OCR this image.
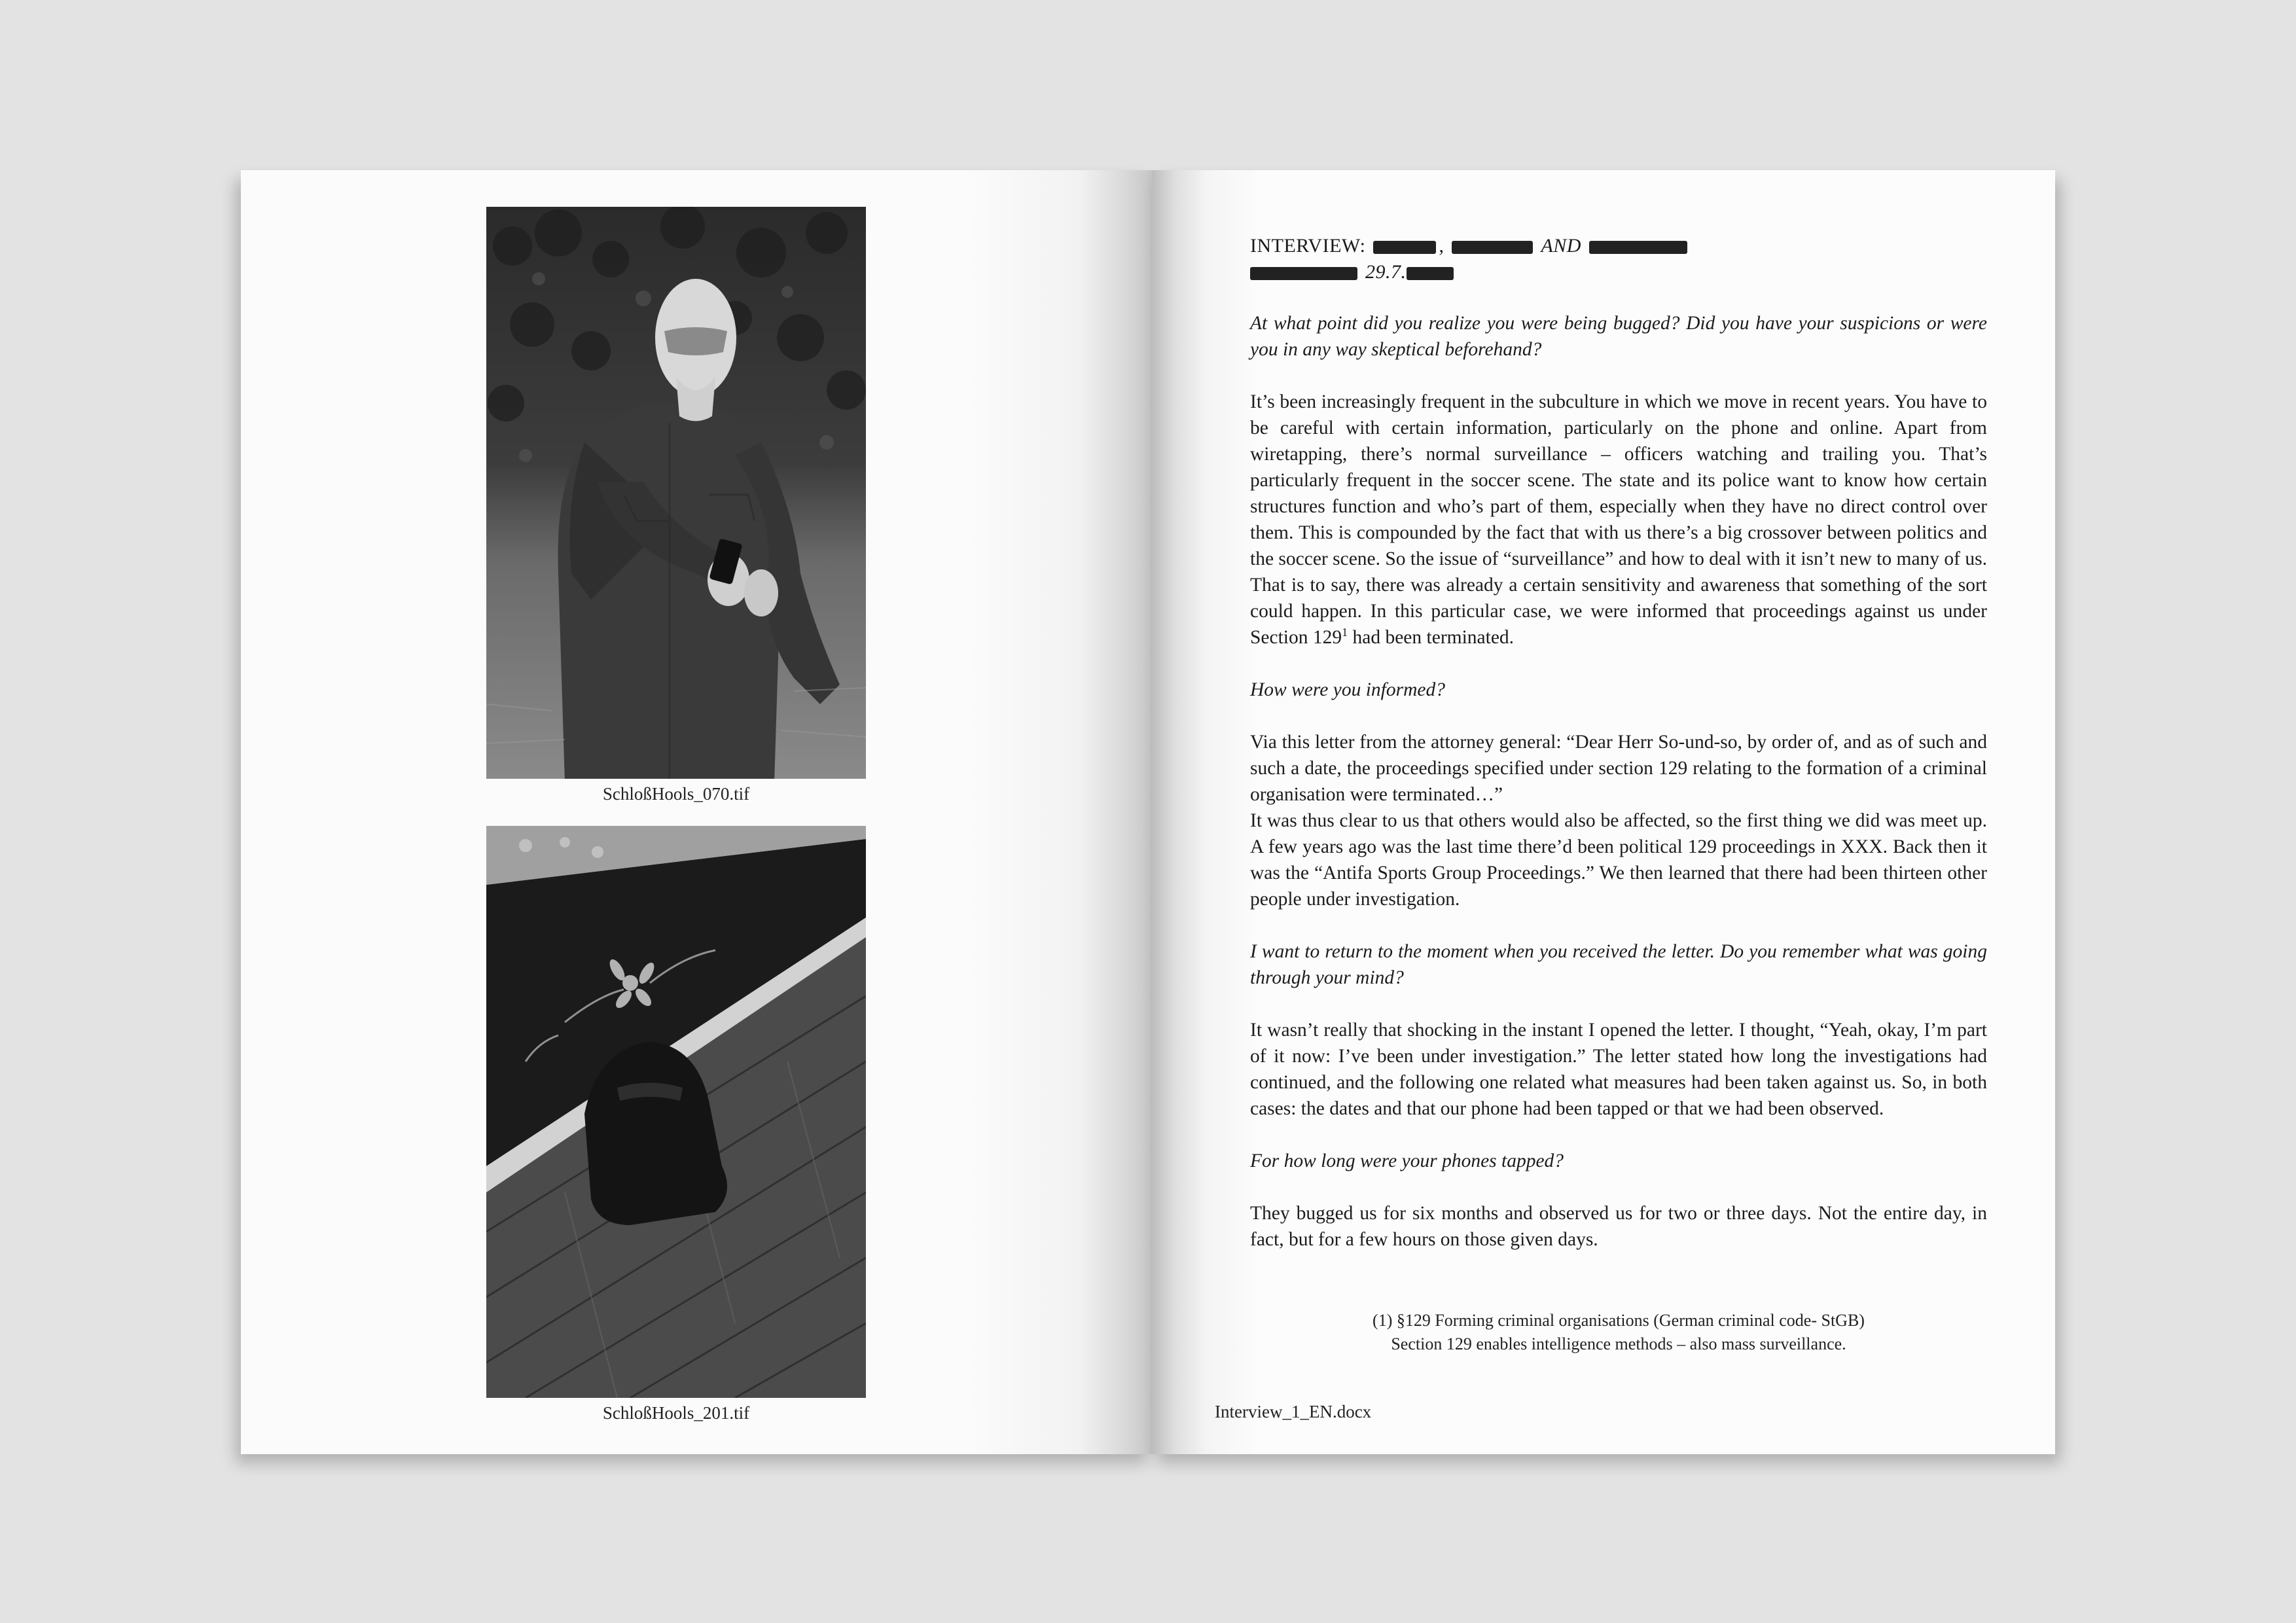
SchloßHools_070.tif
SchloßHools_201.tif
INTERVIEW:	,	AND
29.7.

At what point did you realize you were being bugged? Did you have your suspicions or were you in any way skeptical beforehand?

It’s been increasingly frequent in the subculture in which we move in recent years. You have to be careful with certain information, particularly on the phone and online. Apart from wiretapping, there’s normal surveillance – officers watching and trailing you. That’s particularly frequent in the soccer scene. The state and its police want to know how certain structures function and who’s part of them, especially when they have no direct control over them. This is compounded by the fact that with us there’s a big crossover between politics and the soccer scene. So the issue of “surveillance” and how to deal with it isn’t new to many of us. That is to say, there was already a certain sensitivity and awareness that something of the sort could happen. In this particular case, we were informed that proceedings against us under Section $129^1$ had been terminated.

How were you informed?

Via this letter from the attorney general: “Dear Herr So-und-so, by order of, and as of such and such a date, the proceedings specified under section 129 relating to the formation of a criminal organisation were terminated…”

It was thus clear to us that others would also be affected, so the first thing we did was meet up. A few years ago was the last time there’d been political 129 proceedings in XXX. Back then it was the “Antifa Sports Group Proceedings.” We then learned that there had been thirteen other people under investigation.

I want to return to the moment when you received the letter. Do you remember what was going through your mind?

It wasn’t really that shocking in the instant I opened the letter. I thought, “Yeah, okay, I’m part of it now: I’ve been under investigation.” The letter stated how long the investigations had continued, and the following one related what measures had been taken against us. So, in both cases: the dates and that our phone had been tapped or that we had been observed.

For how long were your phones tapped?

They bugged us for six months and observed us for two or three days. Not the entire day, in fact, but for a few hours on those given days.

(1) §129 Forming criminal organisations (German criminal code- StGB)
Section 129 enables intelligence methods – also mass surveillance.
Interview_1_EN.docx
